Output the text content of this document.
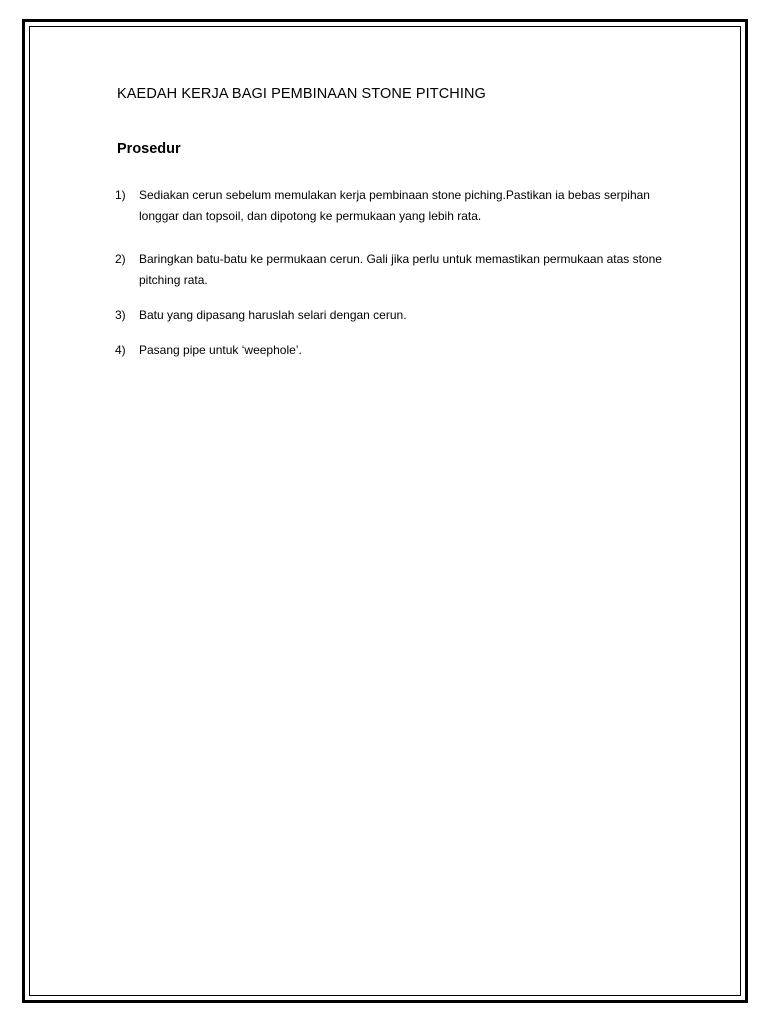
KAEDAH KERJA BAGI PEMBINAAN STONE PITCHING
Prosedur
1)	Sediakan cerun sebelum memulakan kerja pembinaan stone piching.Pastikan ia bebas serpihan longgar dan topsoil, dan dipotong ke permukaan yang lebih rata.
2)	Baringkan batu-batu ke permukaan cerun. Gali jika perlu untuk memastikan permukaan atas stone pitching rata.
3)	Batu yang dipasang haruslah selari dengan cerun.
4)	Pasang pipe untuk ‘weephole’.
